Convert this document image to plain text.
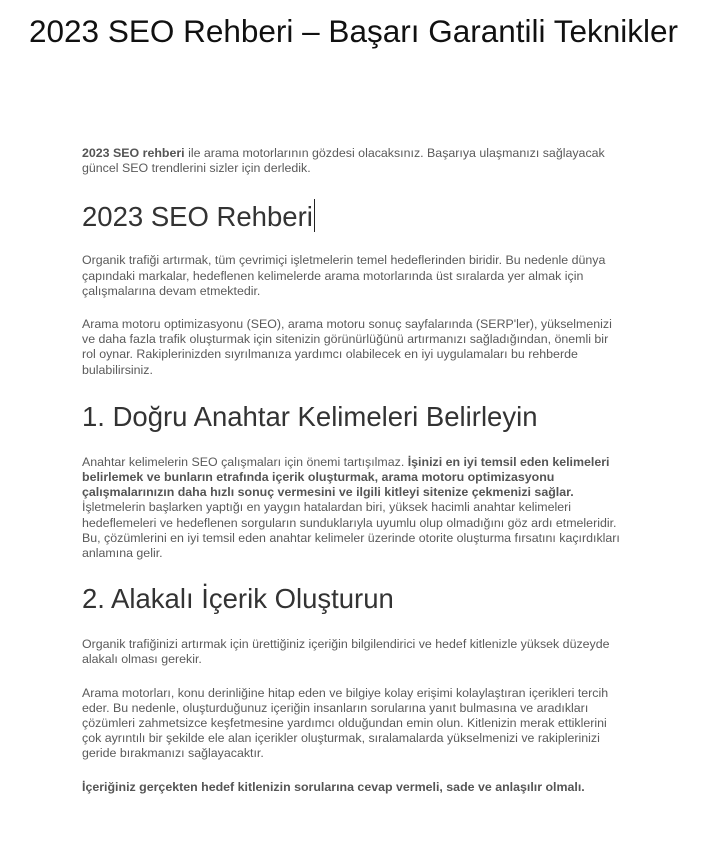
2023 SEO Rehberi – Başarı Garantili Teknikler

2023 SEO rehberi ile arama motorlarının gözdesi olacaksınız. Başarıya ulaşmanızı sağlayacak güncel SEO trendlerini sizler için derledik.

2023 SEO Rehberi

Organik trafiği artırmak, tüm çevrimiçi işletmelerin temel hedeflerinden biridir. Bu nedenle dünya çapındaki markalar, hedeflenen kelimelerde arama motorlarında üst sıralarda yer almak için çalışmalarına devam etmektedir.

Arama motoru optimizasyonu (SEO), arama motoru sonuç sayfalarında (SERP'ler), yükselmenizi ve daha fazla trafik oluşturmak için sitenizin görünürlüğünü artırmanızı sağladığından, önemli bir rol oynar. Rakiplerinizden sıyrılmanıza yardımcı olabilecek en iyi uygulamaları bu rehberde bulabilirsiniz.

1. Doğru Anahtar Kelimeleri Belirleyin

Anahtar kelimelerin SEO çalışmaları için önemi tartışılmaz. İşinizi en iyi temsil eden kelimeleri belirlemek ve bunların etrafında içerik oluşturmak, arama motoru optimizasyonu çalışmalarınızın daha hızlı sonuç vermesini ve ilgili kitleyi sitenize çekmenizi sağlar.

İşletmelerin başlarken yaptığı en yaygın hatalardan biri, yüksek hacimli anahtar kelimeleri hedeflemeleri ve hedeflenen sorguların sunduklarıyla uyumlu olup olmadığını göz ardı etmeleridir. Bu, çözümlerini en iyi temsil eden anahtar kelimeler üzerinde otorite oluşturma fırsatını kaçırdıkları anlamına gelir.

2. Alakalı İçerik Oluşturun

Organik trafiğinizi artırmak için ürettiğiniz içeriğin bilgilendirici ve hedef kitlenizle yüksek düzeyde alakalı olması gerekir.

Arama motorları, konu derinliğine hitap eden ve bilgiye kolay erişimi kolaylaştıran içerikleri tercih eder. Bu nedenle, oluşturduğunuz içeriğin insanların sorularına yanıt bulmasına ve aradıkları çözümleri zahmetsizce keşfetmesine yardımcı olduğundan emin olun. Kitlenizin merak ettiklerini çok ayrıntılı bir şekilde ele alan içerikler oluşturmak, sıralamalarda yükselmenizi ve rakiplerinizi geride bırakmanızı sağlayacaktır.

İçeriğiniz gerçekten hedef kitlenizin sorularına cevap vermeli, sade ve anlaşılır olmalı.
